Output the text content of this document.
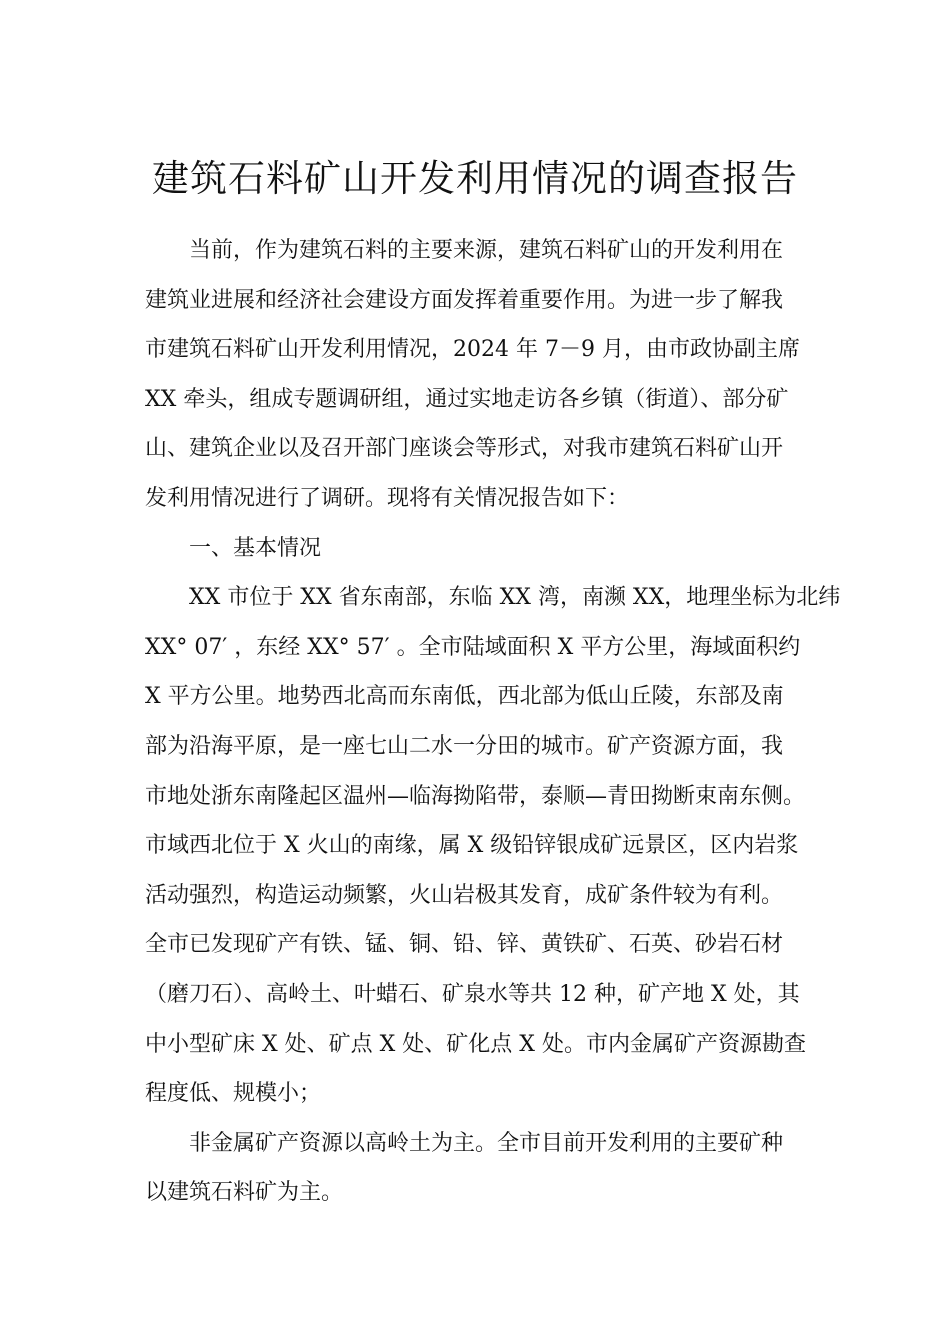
建筑石料矿山开发利用情况的调查报告
当前，作为建筑石料的主要来源，建筑石料矿山的开发利用在
建筑业进展和经济社会建设方面发挥着重要作用。为进一步了解我
市建筑石料矿山开发利用情况，2024 年 7－9 月，由市政协副主席
XX 牵头，组成专题调研组，通过实地走访各乡镇（街道）、部分矿
山、建筑企业以及召开部门座谈会等形式，对我市建筑石料矿山开
发利用情况进行了调研。现将有关情况报告如下：
一、基本情况
XX 市位于 XX 省东南部，东临 XX 湾，南濒 XX，地理坐标为北纬
XX° 07′ ，东经 XX° 57′ 。全市陆域面积 X 平方公里，海域面积约
X 平方公里。地势西北高而东南低，西北部为低山丘陵，东部及南
部为沿海平原，是一座七山二水一分田的城市。矿产资源方面，我
市地处浙东南隆起区温州—临海拗陷带，泰顺—青田拗断束南东侧。
市域西北位于 X 火山的南缘，属 X 级铅锌银成矿远景区，区内岩浆
活动强烈，构造运动频繁，火山岩极其发育，成矿条件较为有利。
全市已发现矿产有铁、锰、铜、铅、锌、黄铁矿、石英、砂岩石材
（磨刀石）、高岭土、叶蜡石、矿泉水等共 12 种，矿产地 X 处，其
中小型矿床 X 处、矿点 X 处、矿化点 X 处。市内金属矿产资源勘查
程度低、规模小；
非金属矿产资源以高岭土为主。全市目前开发利用的主要矿种
以建筑石料矿为主。
